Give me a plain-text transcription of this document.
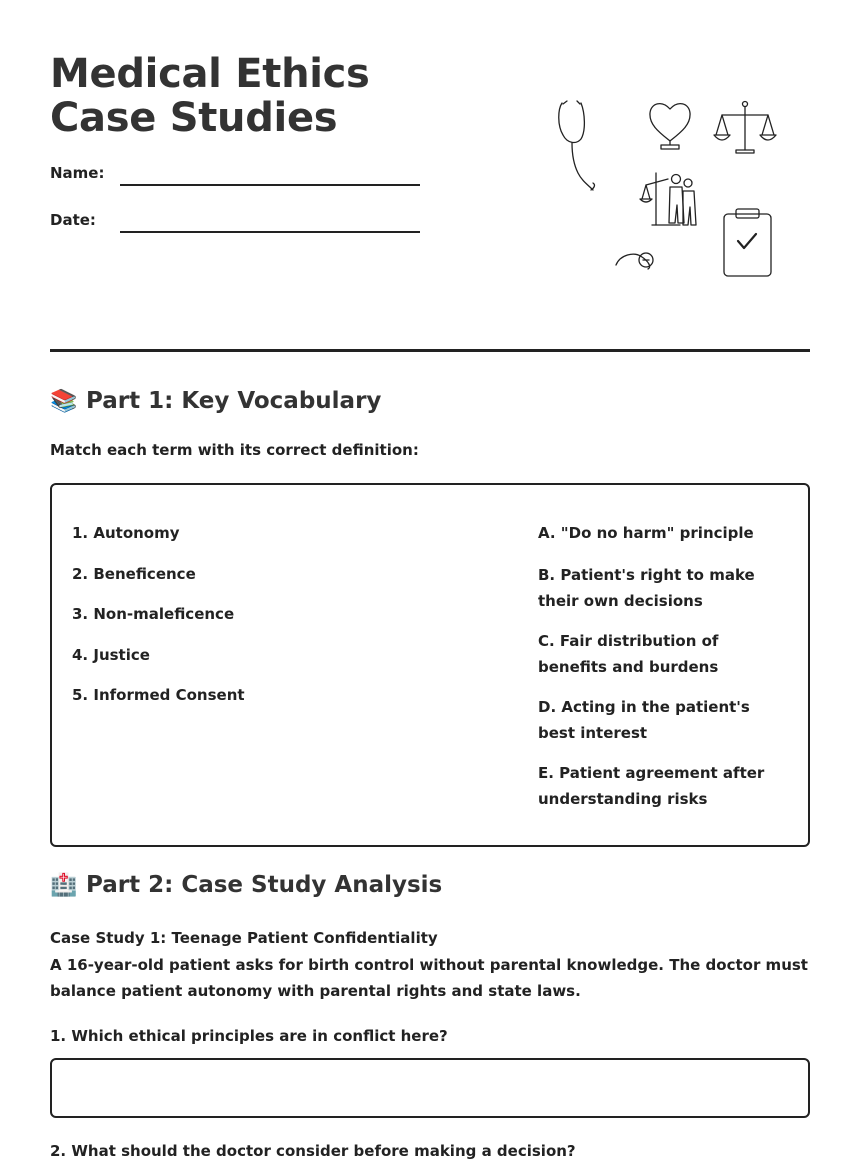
Medical Ethics Case Studies
Name:
Date:
📚 Part 1: Key Vocabulary
Match each term with its correct definition:
1. Autonomy
2. Beneficence
3. Non-maleficence
4. Justice
5. Informed Consent
A. "Do no harm" principle
B. Patient's right to make their own decisions
C. Fair distribution of benefits and burdens
D. Acting in the patient's best interest
E. Patient agreement after understanding risks
🏥 Part 2: Case Study Analysis
Case Study 1: Teenage Patient Confidentiality

A 16-year-old patient asks for birth control without parental knowledge. The doctor must balance patient autonomy with parental rights and state laws.

1. Which ethical principles are in conflict here?
2. What should the doctor consider before making a decision?
